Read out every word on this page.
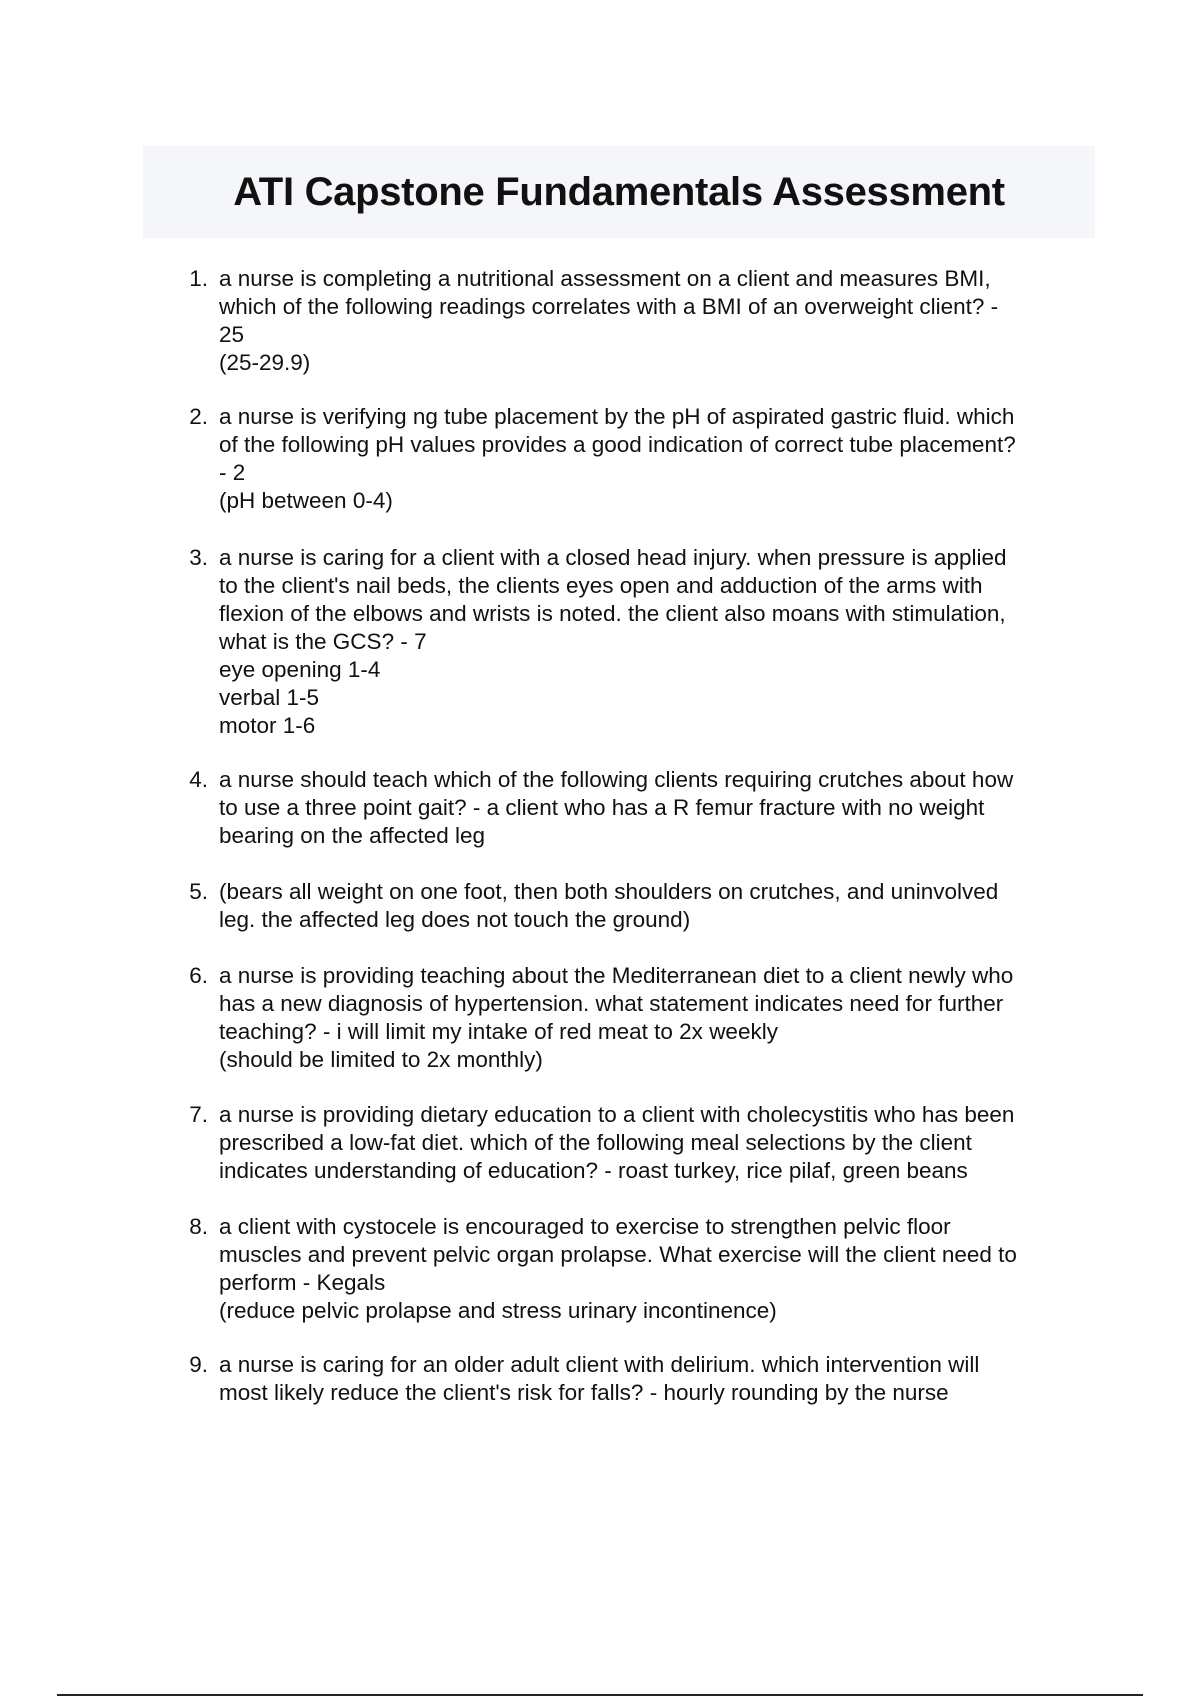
ATI Capstone Fundamentals Assessment
1. a nurse is completing a nutritional assessment on a client and measures BMI,
which of the following readings correlates with a BMI of an overweight client? -
25
(25-29.9)
2. a nurse is verifying ng tube placement by the pH of aspirated gastric fluid. which
of the following pH values provides a good indication of correct tube placement?
- 2
(pH between 0-4)
3. a nurse is caring for a client with a closed head injury. when pressure is applied
to the client's nail beds, the clients eyes open and adduction of the arms with
flexion of the elbows and wrists is noted. the client also moans with stimulation,
what is the GCS? - 7
eye opening 1-4
verbal 1-5
motor 1-6
4. a nurse should teach which of the following clients requiring crutches about how
to use a three point gait? - a client who has a R femur fracture with no weight
bearing on the affected leg
5. (bears all weight on one foot, then both shoulders on crutches, and uninvolved
leg. the affected leg does not touch the ground)
6. a nurse is providing teaching about the Mediterranean diet to a client newly who
has a new diagnosis of hypertension. what statement indicates need for further
teaching? - i will limit my intake of red meat to 2x weekly
(should be limited to 2x monthly)
7. a nurse is providing dietary education to a client with cholecystitis who has been
prescribed a low-fat diet. which of the following meal selections by the client
indicates understanding of education? - roast turkey, rice pilaf, green beans
8. a client with cystocele is encouraged to exercise to strengthen pelvic floor
muscles and prevent pelvic organ prolapse. What exercise will the client need to
perform - Kegals
(reduce pelvic prolapse and stress urinary incontinence)
9. a nurse is caring for an older adult client with delirium. which intervention will
most likely reduce the client's risk for falls? - hourly rounding by the nurse
